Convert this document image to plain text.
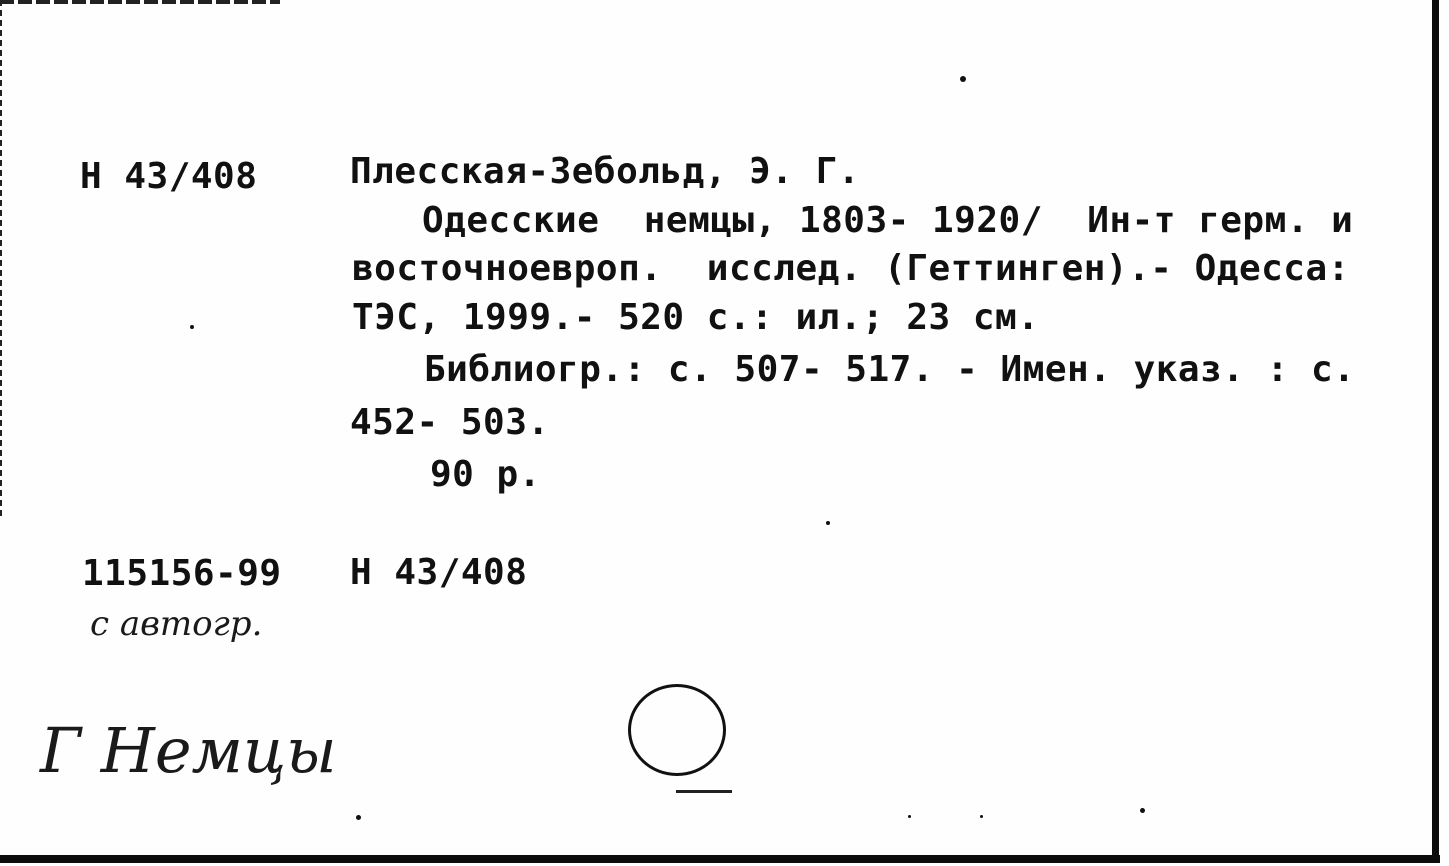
Н 43/408	Плесская-Зебольд, Э. Г.
Одесские  немцы, 1803- 1920/  Ин-т герм. и
восточноевроп.  исслед. (Геттинген).- Одесса:
ТЭС, 1999.- 520 с.: ил.; 23 см.
Библиогр.: с. 507- 517. - Имен. указ. : с.
452- 503.
90 р.
115156-99 Н 43/408
с автогр.
Г Немцы
